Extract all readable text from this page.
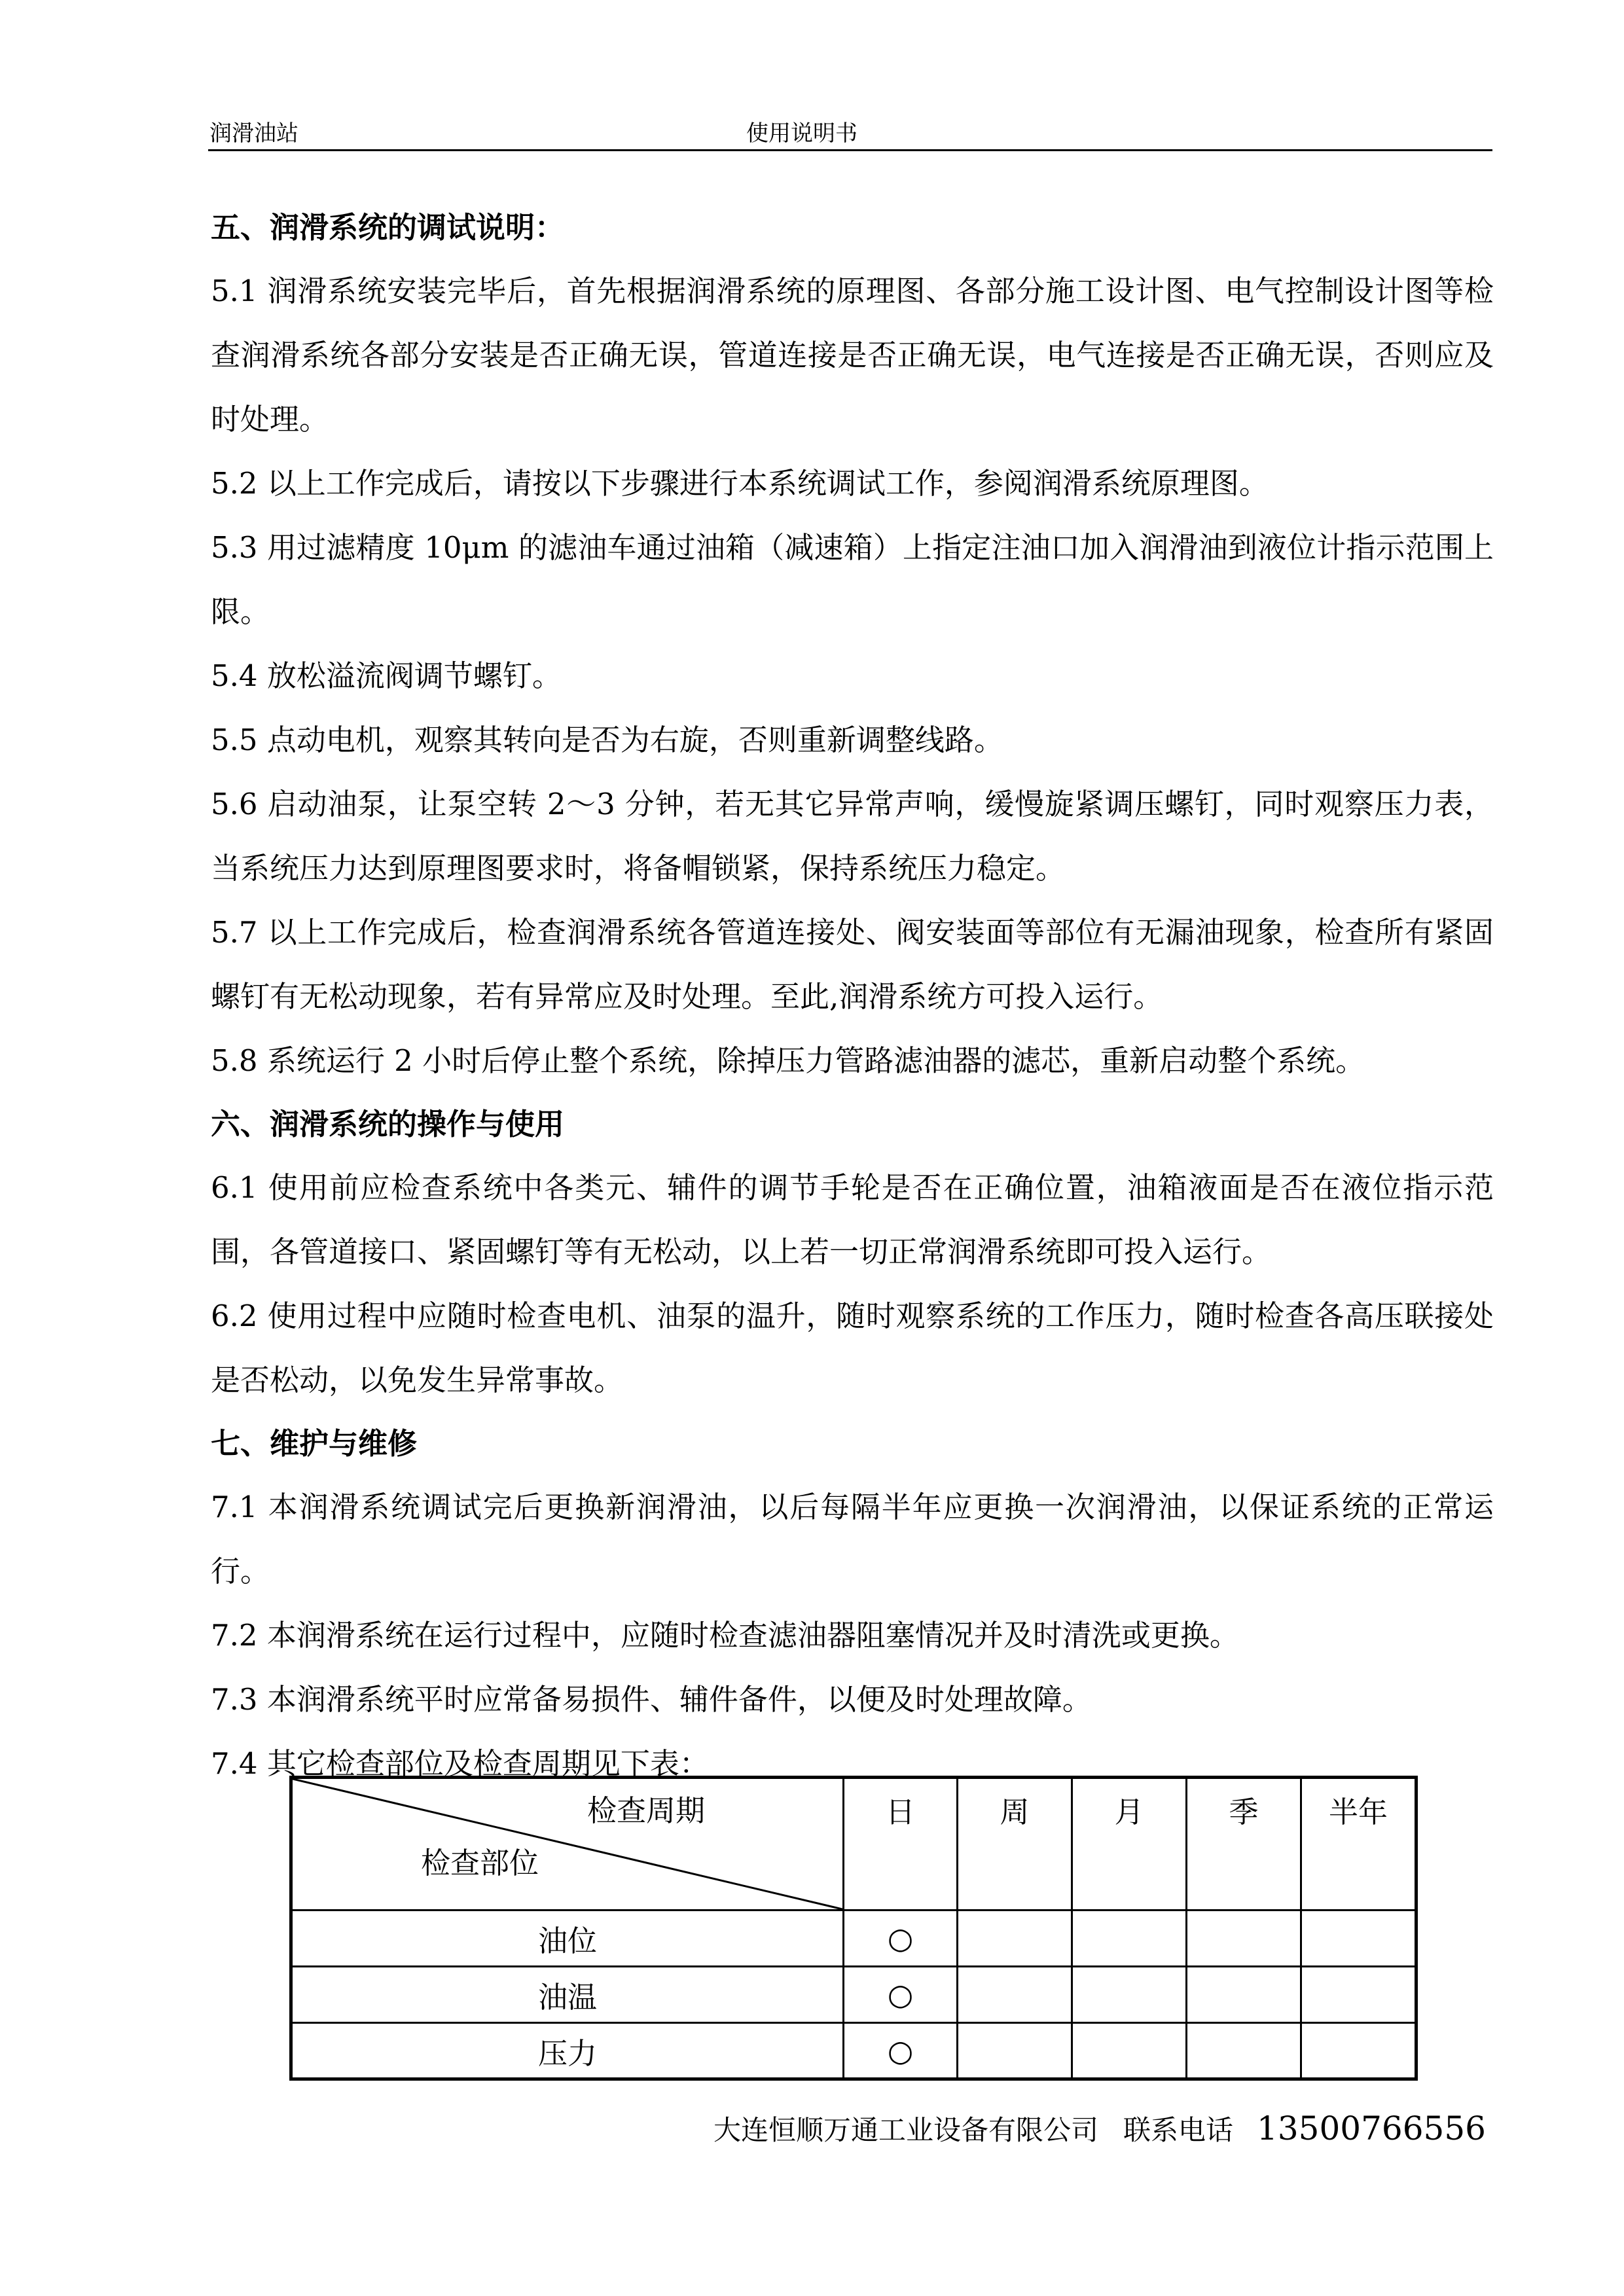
润滑油站	使用说明书
五、润滑系统的调试说明：

5.1 润滑系统安装完毕后，首先根据润滑系统的原理图、各部分施工设计图、电气控制设计图等检查润滑系统各部分安装是否正确无误，管道连接是否正确无误，电气连接是否正确无误，否则应及时处理。

5.2 以上工作完成后，请按以下步骤进行本系统调试工作，参阅润滑系统原理图。

5.3 用过滤精度 10μm 的滤油车通过油箱（减速箱）上指定注油口加入润滑油到液位计指示范围上限。

5.4 放松溢流阀调节螺钉。

5.5 点动电机，观察其转向是否为右旋，否则重新调整线路。

5.6 启动油泵，让泵空转 2～3 分钟，若无其它异常声响，缓慢旋紧调压螺钉，同时观察压力表，当系统压力达到原理图要求时，将备帽锁紧，保持系统压力稳定。

5.7 以上工作完成后，检查润滑系统各管道连接处、阀安装面等部位有无漏油现象，检查所有紧固螺钉有无松动现象，若有异常应及时处理。至此,润滑系统方可投入运行。

5.8 系统运行 2 小时后停止整个系统，除掉压力管路滤油器的滤芯，重新启动整个系统。

六、润滑系统的操作与使用

6.1 使用前应检查系统中各类元、辅件的调节手轮是否在正确位置，油箱液面是否在液位指示范围，各管道接口、紧固螺钉等有无松动，以上若一切正常润滑系统即可投入运行。

6.2 使用过程中应随时检查电机、油泵的温升，随时观察系统的工作压力，随时检查各高压联接处是否松动，以免发生异常事故。

七、维护与维修

7.1 本润滑系统调试完后更换新润滑油，以后每隔半年应更换一次润滑油，以保证系统的正常运行。

7.2 本润滑系统在运行过程中，应随时检查滤油器阻塞情况并及时清洗或更换。

7.3 本润滑系统平时应常备易损件、辅件备件，以便及时处理故障。

7.4 其它检查部位及检查周期见下表：

检查周期
检查部位	日	周	月	季	半年

油位	○				
油温	○				
压力	○				
大连恒顺万通工业设备有限公司 联系电话 13500766556
